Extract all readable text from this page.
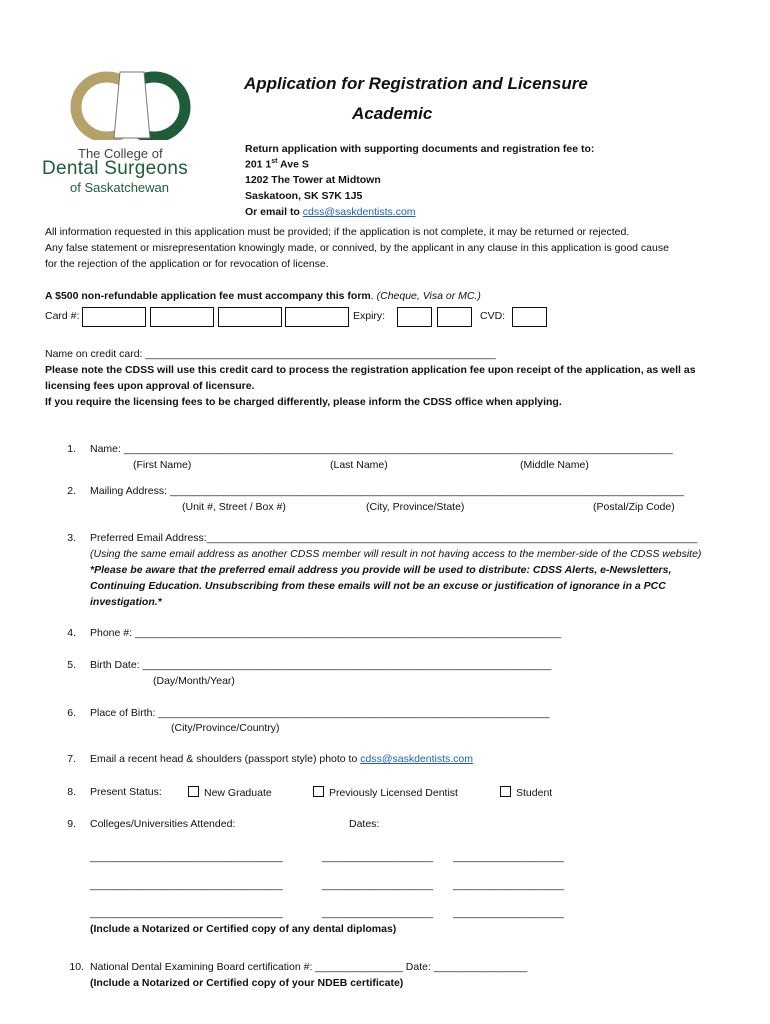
The College of
Dental Surgeons
of Saskatchewan
Application for Registration and Licensure
Academic
Return application with supporting documents and registration fee to:
201 1st Ave S
1202 The Tower at Midtown
Saskatoon, SK S7K 1J5
Or email to cdss@saskdentists.com
All information requested in this application must be provided; if the application is not complete, it may be returned or rejected.
Any false statement or misrepresentation knowingly made, or connived, by the applicant in any clause in this application is good cause
for the rejection of the application or for revocation of license.
A $500 non-refundable application fee must accompany this form. (Cheque, Visa or MC.)
Card #:	Expiry:	CVD:
Name on credit card: ____________________________________________________________
Please note the CDSS will use this credit card to process the registration application fee upon receipt of the application, as well as
licensing fees upon approval of licensure.
If you require the licensing fees to be charged differently, please inform the CDSS office when applying.
1. Name: ______________________________________________________________________________________________
(First Name)	(Last Name)	(Middle Name)
2. Mailing Address: ________________________________________________________________________________________
(Unit #, Street / Box #)	(City, Province/State)	(Postal/Zip Code)
3. Preferred Email Address:____________________________________________________________________________________
(Using the same email address as another CDSS member will result in not having access to the member-side of the CDSS website)
*Please be aware that the preferred email address you provide will be used to distribute: CDSS Alerts, e-Newsletters,
Continuing Education. Unsubscribing from these emails will not be an excuse or justification of ignorance in a PCC
investigation.*
4. Phone #: _________________________________________________________________________
5. Birth Date: ______________________________________________________________________
(Day/Month/Year)
6. Place of Birth: ___________________________________________________________________
(City/Province/Country)
7. Email a recent head & shoulders (passport style) photo to cdss@saskdentists.com
8. Present Status:	New Graduate	Previously Licensed Dentist	Student
9. Colleges/Universities Attended:	Dates:
_________________________________	___________________ ___________________
_________________________________	___________________ ___________________
_________________________________	___________________ ___________________
(Include a Notarized or Certified copy of any dental diplomas)
10. National Dental Examining Board certification #: _______________ Date: ________________
(Include a Notarized or Certified copy of your NDEB certificate)
